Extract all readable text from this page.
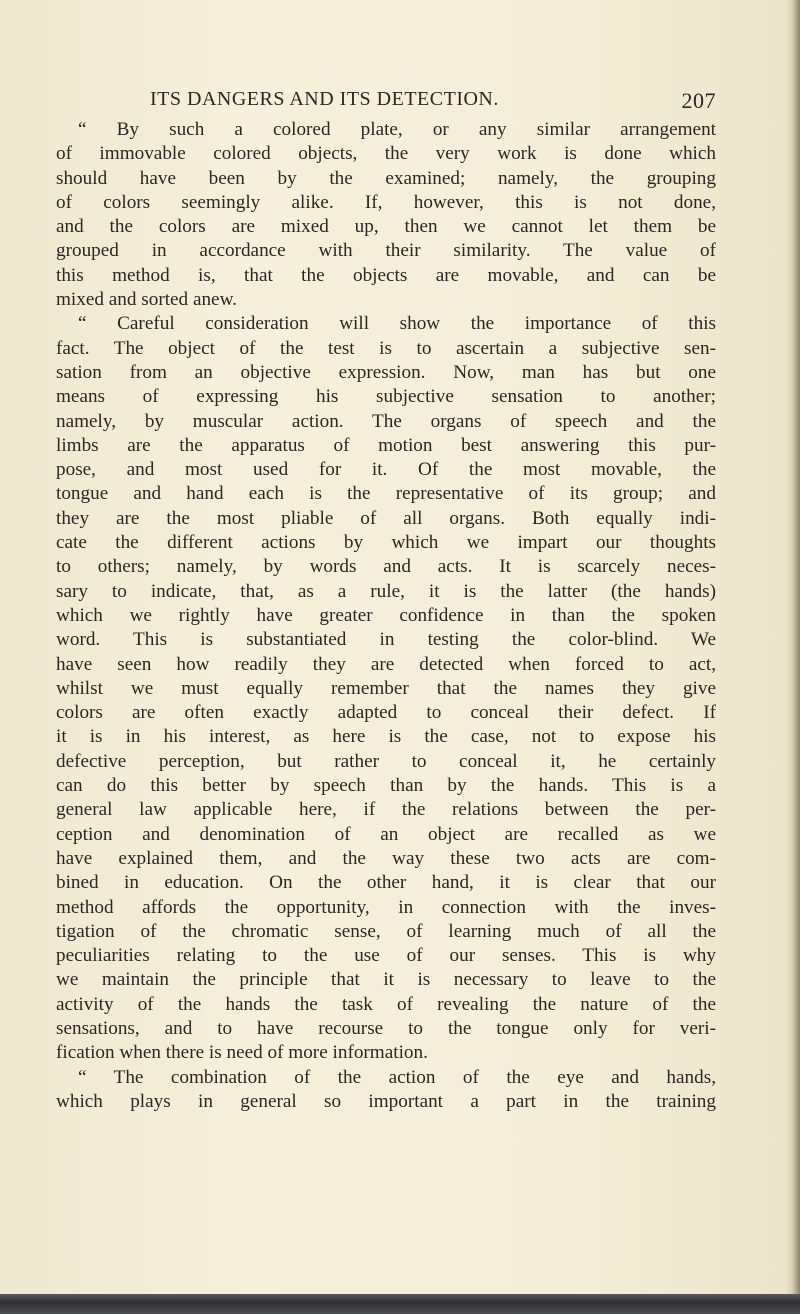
ITS DANGERS AND ITS DETECTION.	207
“ By such a colored plate, or any similar arrangement
of immovable colored objects, the very work is done which
should have been by the examined; namely, the grouping
of colors seemingly alike. If, however, this is not done,
and the colors are mixed up, then we cannot let them be
grouped in accordance with their similarity. The value of
this method is, that the objects are movable, and can be
mixed and sorted anew.
“ Careful consideration will show the importance of this
fact. The object of the test is to ascertain a subjective sen-
sation from an objective expression. Now, man has but one
means of expressing his subjective sensation to another;
namely, by muscular action. The organs of speech and the
limbs are the apparatus of motion best answering this pur-
pose, and most used for it. Of the most movable, the
tongue and hand each is the representative of its group; and
they are the most pliable of all organs. Both equally indi-
cate the different actions by which we impart our thoughts
to others; namely, by words and acts. It is scarcely neces-
sary to indicate, that, as a rule, it is the latter (the hands)
which we rightly have greater confidence in than the spoken
word. This is substantiated in testing the color-blind. We
have seen how readily they are detected when forced to act,
whilst we must equally remember that the names they give
colors are often exactly adapted to conceal their defect. If
it is in his interest, as here is the case, not to expose his
defective perception, but rather to conceal it, he certainly
can do this better by speech than by the hands. This is a
general law applicable here, if the relations between the per-
ception and denomination of an object are recalled as we
have explained them, and the way these two acts are com-
bined in education. On the other hand, it is clear that our
method affords the opportunity, in connection with the inves-
tigation of the chromatic sense, of learning much of all the
peculiarities relating to the use of our senses. This is why
we maintain the principle that it is necessary to leave to the
activity of the hands the task of revealing the nature of the
sensations, and to have recourse to the tongue only for veri-
fication when there is need of more information.
“ The combination of the action of the eye and hands,
which plays in general so important a part in the training
